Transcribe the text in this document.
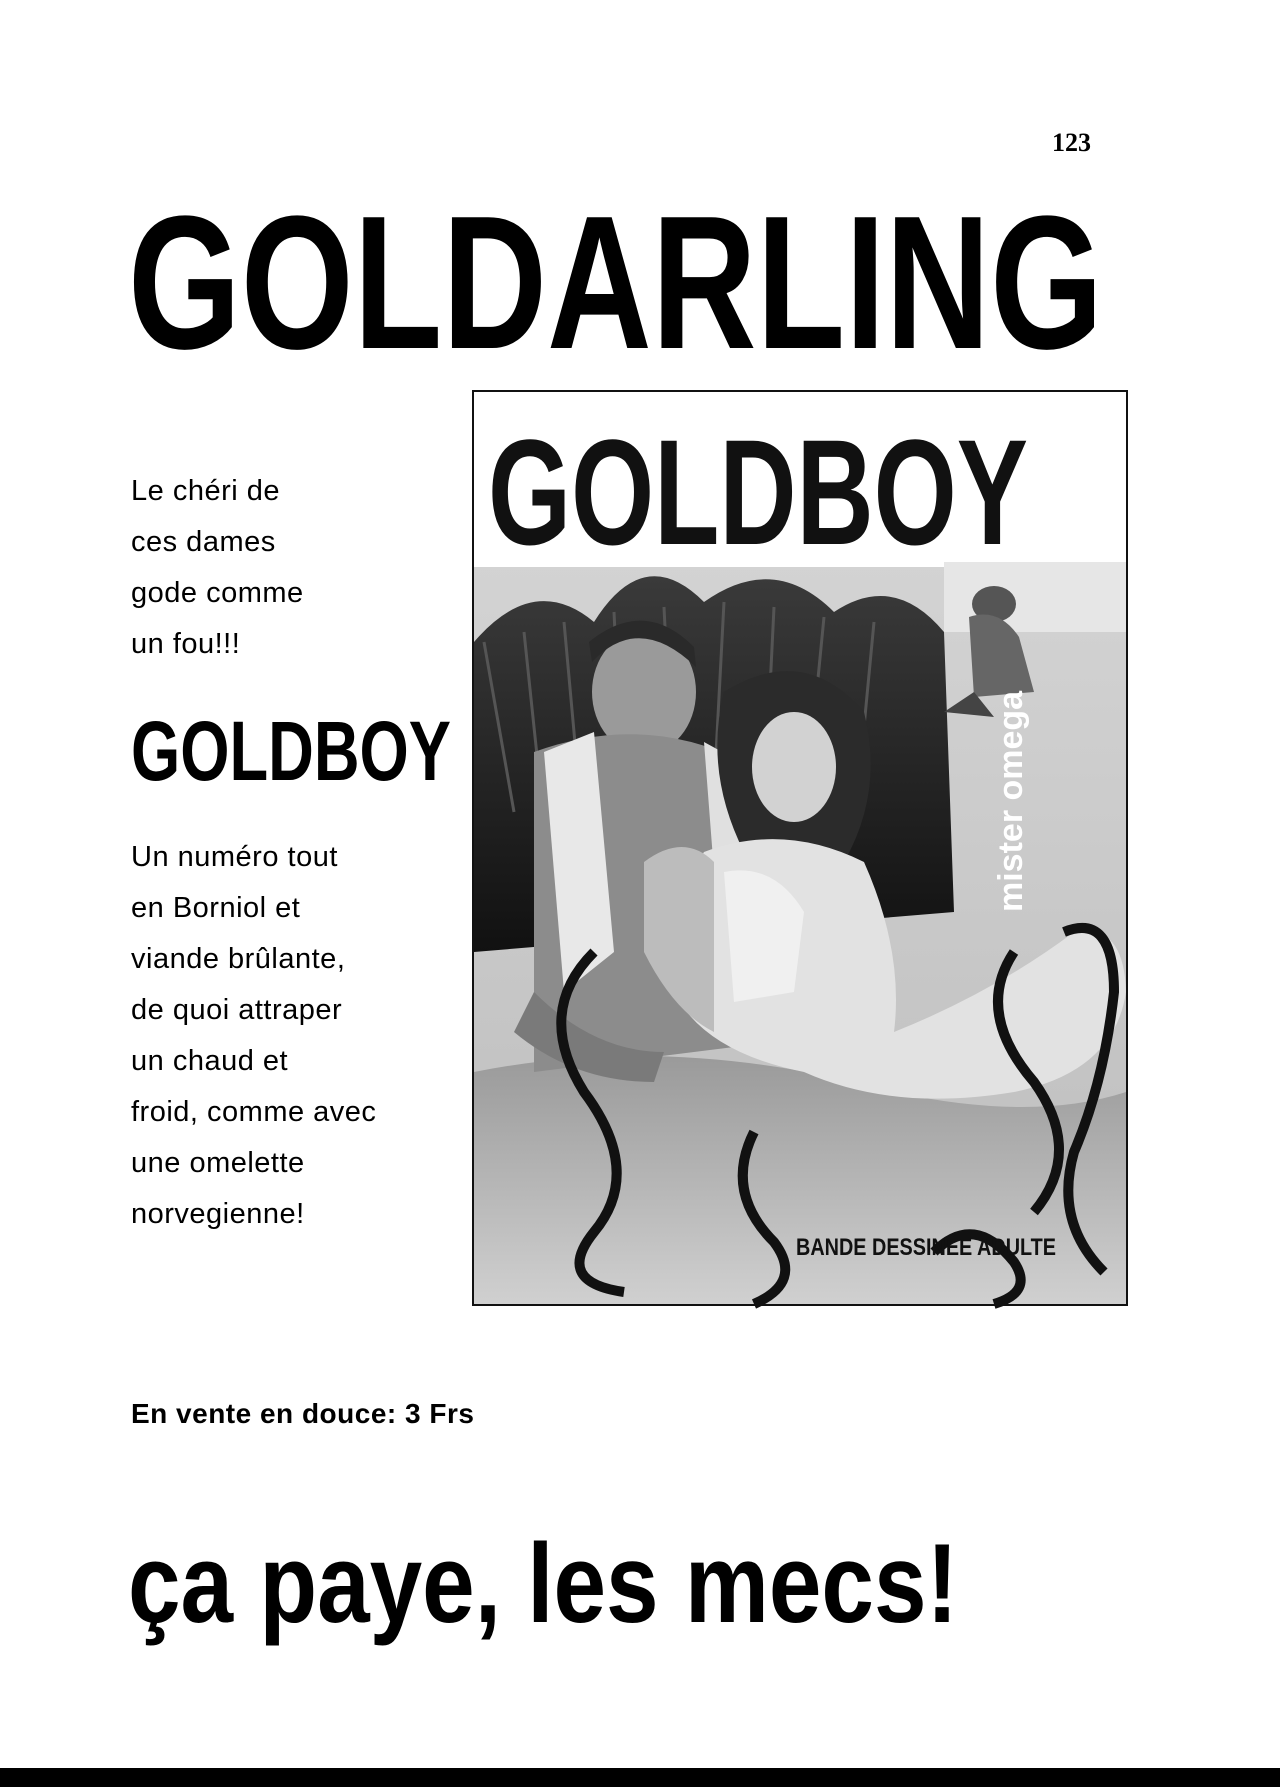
123
GOLDARLING
Le chéri de
ces dames
gode comme
un fou!!!
GOLDBOY
Un numéro tout
en Borniol et
viande brûlante,
de quoi attraper
un chaud et
froid, comme avec
une omelette
norvegienne!
GOLDBOY
mister omega
BANDE DESSINÉE ADULTE
En vente en douce: 3 Frs
ça paye, les mecs!
